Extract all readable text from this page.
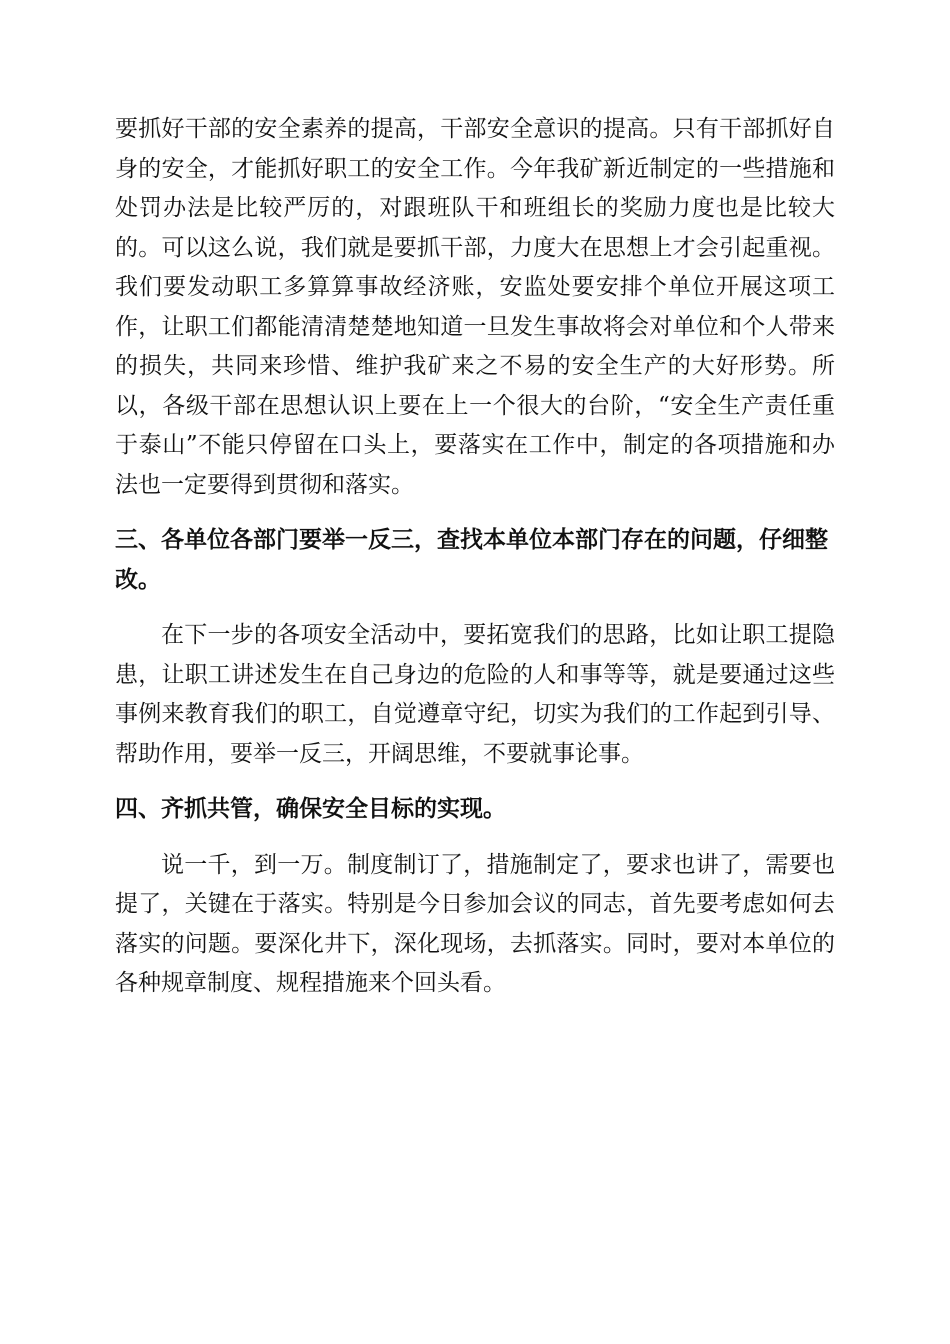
要抓好干部的安全素养的提高，干部安全意识的提高。只有干部抓好自身的安全，才能抓好职工的安全工作。今年我矿新近制定的一些措施和处罚办法是比较严厉的，对跟班队干和班组长的奖励力度也是比较大的。可以这么说，我们就是要抓干部，力度大在思想上才会引起重视。我们要发动职工多算算事故经济账，安监处要安排个单位开展这项工作，让职工们都能清清楚楚地知道一旦发生事故将会对单位和个人带来的损失，共同来珍惜、维护我矿来之不易的安全生产的大好形势。所以，各级干部在思想认识上要在上一个很大的台阶，“安全生产责任重于泰山”不能只停留在口头上，要落实在工作中，制定的各项措施和办法也一定要得到贯彻和落实。

三、各单位各部门要举一反三，查找本单位本部门存在的问题，仔细整改。

在下一步的各项安全活动中，要拓宽我们的思路，比如让职工提隐患，让职工讲述发生在自己身边的危险的人和事等等，就是要通过这些事例来教育我们的职工，自觉遵章守纪，切实为我们的工作起到引导、帮助作用，要举一反三，开阔思维，不要就事论事。

四、齐抓共管，确保安全目标的实现。

说一千，到一万。制度制订了，措施制定了，要求也讲了，需要也提了，关键在于落实。特别是今日参加会议的同志，首先要考虑如何去落实的问题。要深化井下，深化现场，去抓落实。同时，要对本单位的各种规章制度、规程措施来个回头看。
